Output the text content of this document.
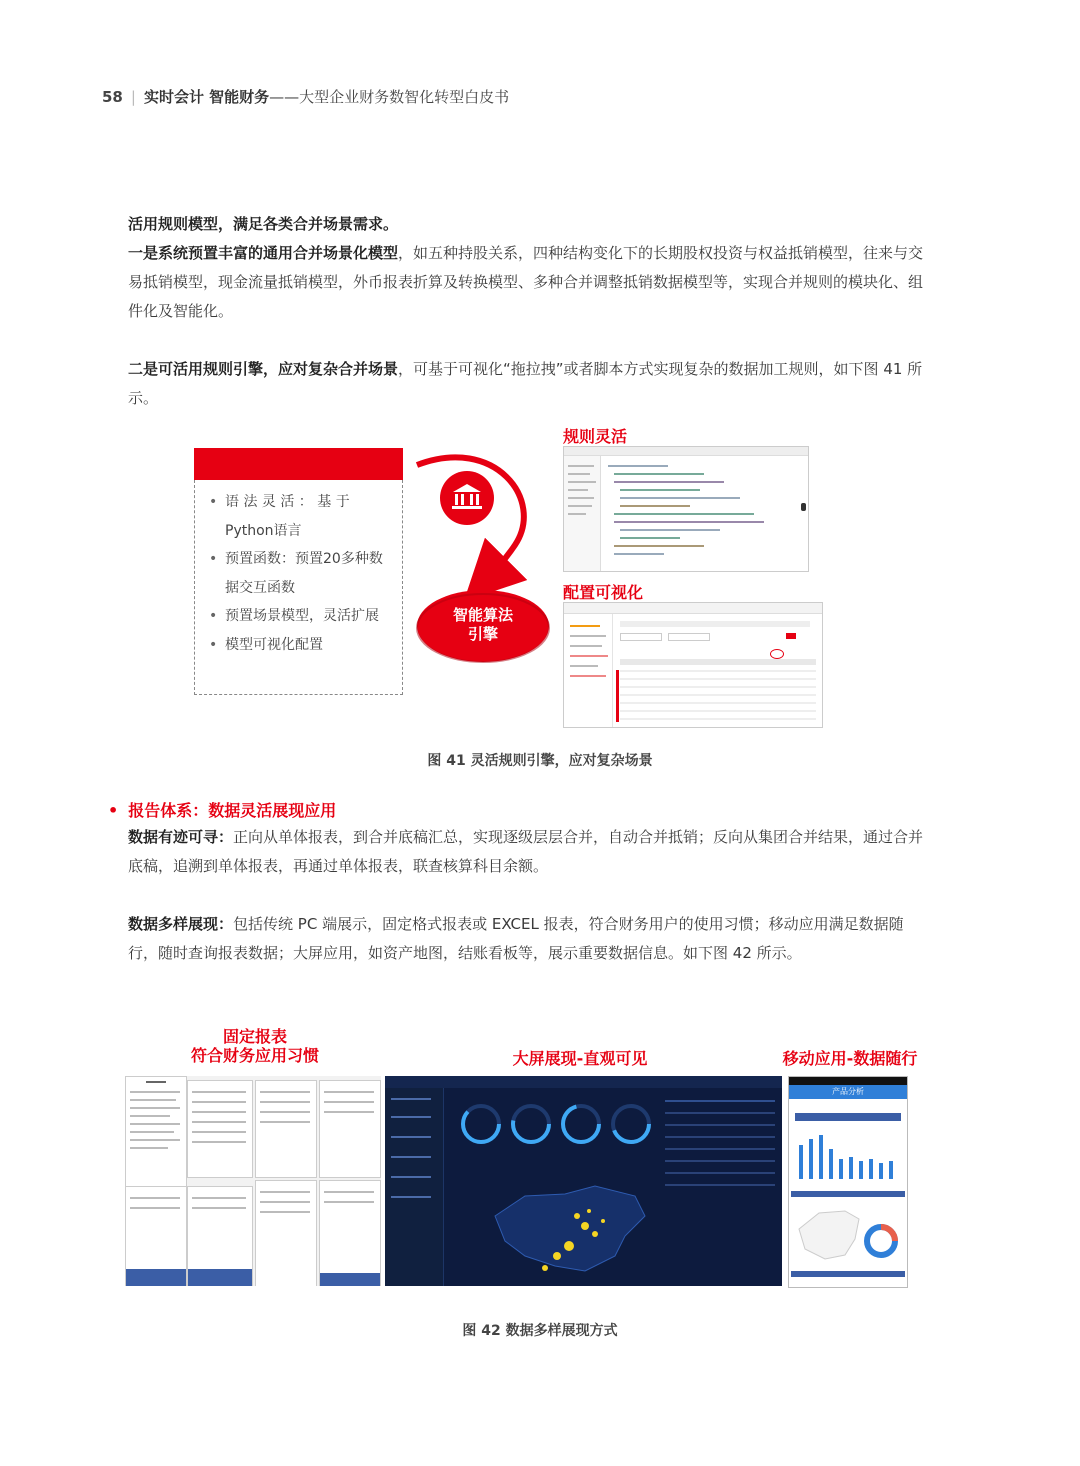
58 | 实时会计 智能财务——大型企业财务数智化转型白皮书
活用规则模型，满足各类合并场景需求。
一是系统预置丰富的通用合并场景化模型，如五种持股关系，四种结构变化下的长期股权投资与权益抵销模型，往来与交易抵销模型，现金流量抵销模型，外币报表折算及转换模型、多种合并调整抵销数据模型等，实现合并规则的模块化、组件化及智能化。
二是可活用规则引擎，应对复杂合并场景，可基于可视化“拖拉拽”或者脚本方式实现复杂的数据加工规则，如下图 41 所示。
• 语 法 灵 活 ： 基 于 Python语言
• 预置函数：预置20多种数据交互函数
• 预置场景模型，灵活扩展
• 模型可视化配置
智能算法
引擎
规则灵活
配置可视化
图 41 灵活规则引擎，应对复杂场景
• 报告体系：数据灵活展现应用
数据有迹可寻：正向从单体报表，到合并底稿汇总，实现逐级层层合并，自动合并抵销；反向从集团合并结果，通过合并底稿，追溯到单体报表，再通过单体报表，联查核算科目余额。
数据多样展现：包括传统 PC 端展示，固定格式报表或 EXCEL 报表，符合财务用户的使用习惯；移动应用满足数据随行，随时查询报表数据；大屏应用，如资产地图，结账看板等，展示重要数据信息。如下图 42 所示。
固定报表
符合财务应用习惯	大屏展现-直观可见	移动应用-数据随行
产品分析
图 42 数据多样展现方式
